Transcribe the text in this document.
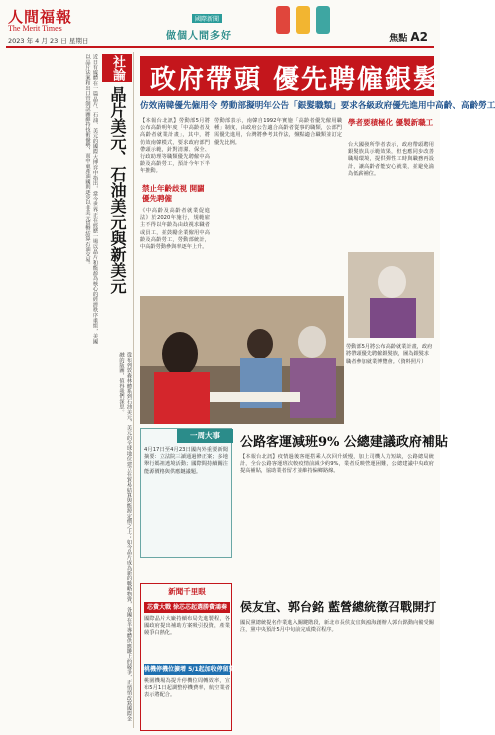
人間福報
The Merit Times
2023 年 4 月 23 日 星期日
國際新聞
做個人間多好	焦點 A2
社論
晶片美元、石油美元與新美元
近日有媒體在一篇晶片、石油、美元的國際大博弈中指出，當今世界正在經歷一場以晶片和能源為核心的經濟秩序重組，美國以晶片法案和出口管制試圖維持技術優勢，而中東產油國則逐步以非美元貨幣結算石油交易。
從布列敦森林體系到石油美元，美元的全球地位建立在貿易結算與能源定價之上；如今晶片成為新的戰略物資，各國在半導體供應鏈上的競爭，正悄悄改寫國際金融的版圖，值得我們深思。
政府帶頭 優先聘僱銀髮族
仿效南韓優先僱用令 勞動部擬明年公告「銀髮職類」要求各級政府優先進用中高齡、高齡勞工
【本報台北訊】勞動部5月將公布高齡明年度「中高齡者及高齡者就業計畫」，其中，將仿效南韓模式，要求政府部門帶頭示範，針對清潔、保全、行政助理等職類優先聘僱中高齡及高齡勞工，預計今年下半年推動。
禁止年齡歧視 開闢優先聘僱
《中高齡及高齡者就業促進法》於2020年施行，規範雇主不得以年齡為由歧視求職者或員工，並鼓勵企業僱用中高齡及高齡勞工，勞動部統計，中高齡勞動參與率逐年上升。
勞動部表示，南韓自1992年實施「高齡者優先僱用職種」制度，由政府公告適合高齡者從事的職類，公部門需優先進用，台灣將參考其作法，盤點適合職類並訂定優先比例。
學者要積極化 優製新職工
台大國發所學者表示，政府帶頭聘用銀髮族具示範效果，但也應同步改善職場環境，提供彈性工時與職務再設計，讓高齡者能安心就業，並避免淪為低薪補位。
勞動部5月將公布高齡就業計畫，政府將帶頭優先聘僱銀髮族，圖為銀髮求職者參加就業博覽會。（資料照片）
一周大事
4月17日至4月23日國內外重要新聞摘要：立法院三讀通過修正案；多地舉行媽祖遶境活動；國際間持續關注能源價格與供應鏈議題。
公路客運減班9% 公總建議政府補貼
【本報台北訊】疫情過後客運搭乘人次回升緩慢，加上司機人力短缺，公路總局統計，全台公路客運班次較疫情前減少約9%，業者反映營運困難，公總建議中央政府提高補貼，協助業者留才並維持偏鄉路線。
侯友宜、郭台銘 藍營總統徵召戰開打
國民黨總統提名作業進入關鍵階段，新北市長侯友宜與鴻海創辦人郭台銘動向備受關注，黨中央預計5月中旬前完成徵召程序。
新聞千里眼
芯費大戰 徐芯芯起選勝費鴻奏
國際晶片大廠持續布局先進製程，各國政府提出補助方案吸引投資，產業競爭白熱化。
桃機停機位擴增 5/1起加收停留費
桃園機場為提升停機位周轉效率，宣布5月1日起調整停機費率，航空業者表示將配合。
